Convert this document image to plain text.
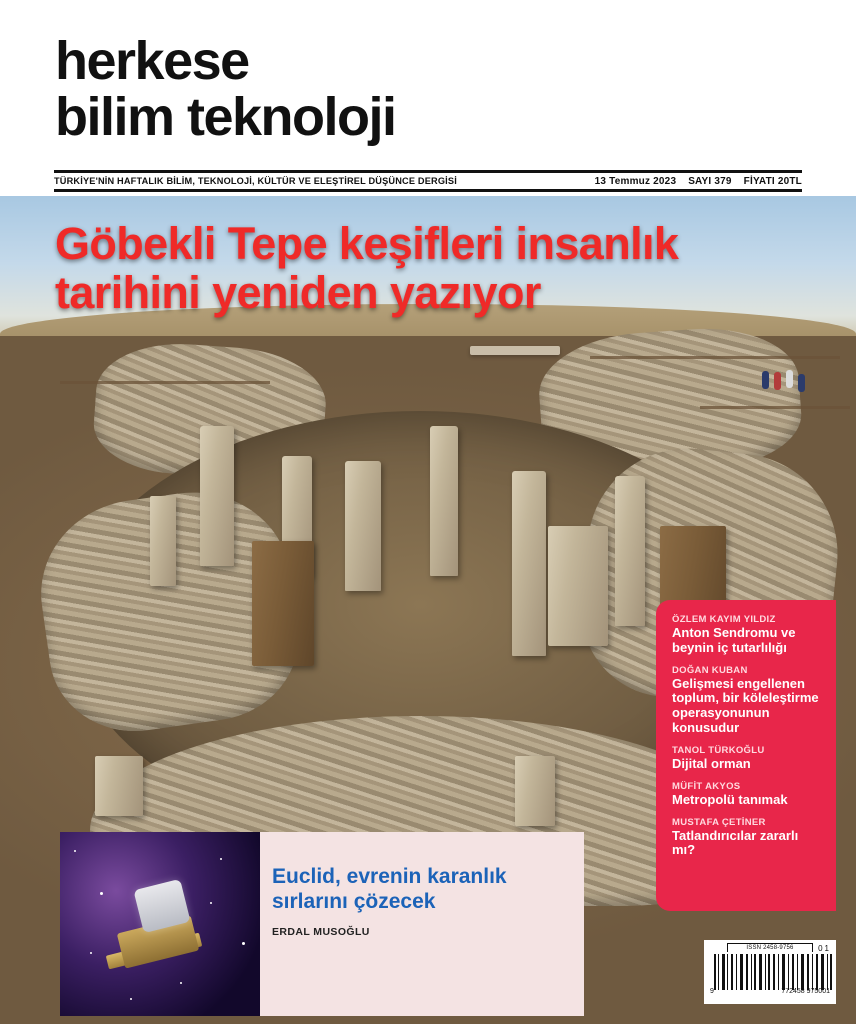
herkese
bilim teknoloji
TÜRKİYE'NİN HAFTALIK BİLİM, TEKNOLOJİ, KÜLTÜR VE ELEŞTİREL DÜŞÜNCE DERGİSİ	13 Temmuz 2023 SAYI 379 FİYATI 20TL
Göbekli Tepe keşifleri insanlık tarihini yeniden yazıyor
ÖZLEM KAYIM YILDIZ
Anton Sendromu ve beynin iç tutarlılığı
DOĞAN KUBAN
Gelişmesi engellenen toplum, bir köleleştirme operasyonunun konusudur
TANOL TÜRKOĞLU
Dijital orman
MÜFİT AKYOS
Metropolü tanımak
MUSTAFA ÇETİNER
Tatlandırıcılar zararlı mı?
Euclid, evrenin karanlık sırlarını çözecek
ERDAL MUSOĞLU
ISSN 2458-9756
9	772458 975001
01
